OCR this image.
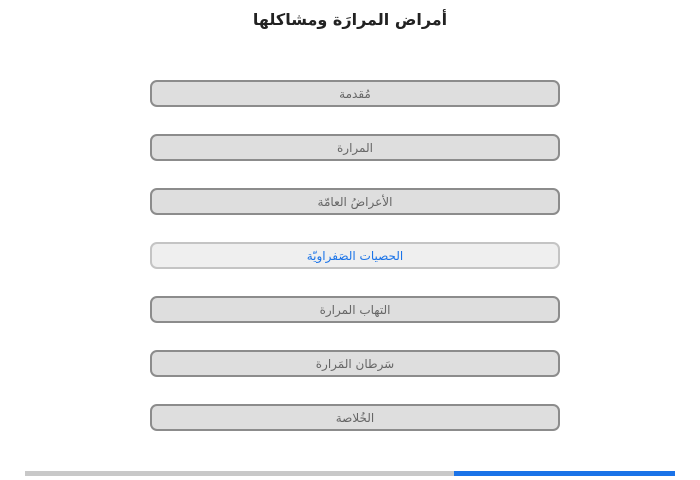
أمراض المرارَة ومشاكلها
مُقدمة
المرارة
الأعراضُ العامّة
الحصيات الصَفراويّة
التهاب المرارة
سَرطان المَرارة
الخُلاصة
